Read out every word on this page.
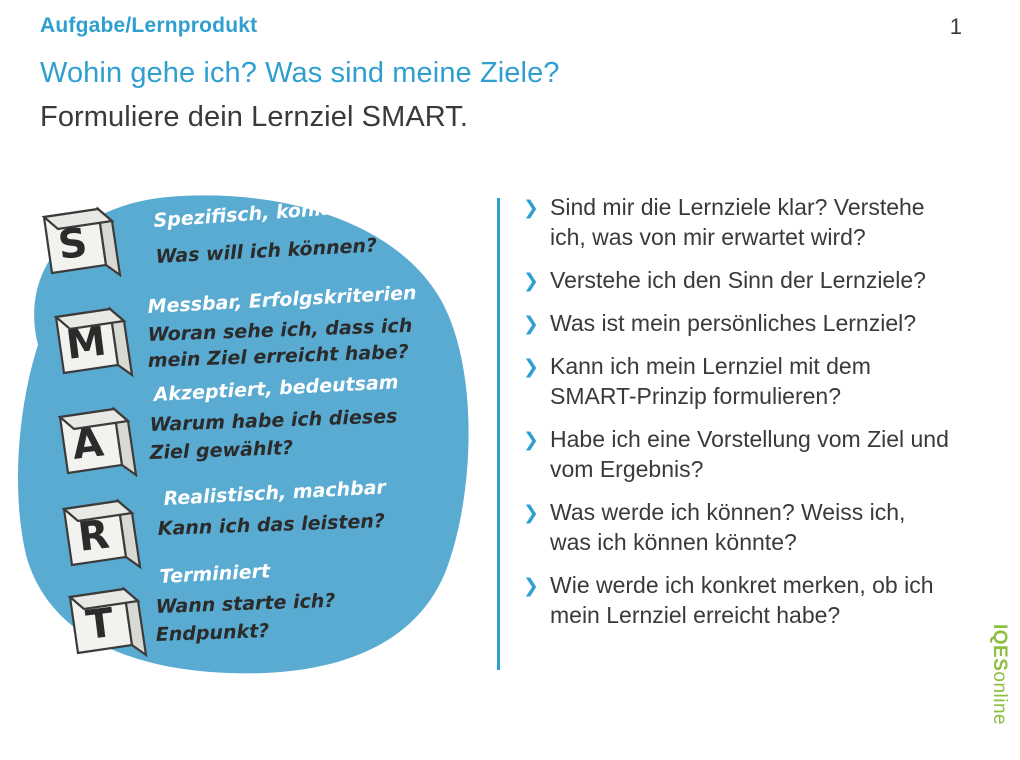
Aufgabe/Lernprodukt	1
Wohin gehe ich? Was sind meine Ziele?
Formuliere dein Lernziel SMART.
S
Spezifisch, konkret, klar
Was will ich können?
M
Messbar, Erfolgskriterien
Woran sehe ich, dass ich
mein Ziel erreicht habe?
A
Akzeptiert, bedeutsam
Warum habe ich dieses
Ziel gewählt?
R
Realistisch, machbar
Kann ich das leisten?
T
Terminiert
Wann starte ich?
Endpunkt?
❯ Sind mir die Lernziele klar? Verstehe ich, was von mir erwartet wird?
❯ Verstehe ich den Sinn der Lernziele?
❯ Was ist mein persönliches Lernziel?
❯ Kann ich mein Lernziel mit dem SMART-Prinzip formulieren?
❯ Habe ich eine Vorstellung vom Ziel und vom Ergebnis?
❯ Was werde ich können? Weiss ich, was ich können könnte?
❯ Wie werde ich konkret merken, ob ich mein Lernziel erreicht habe?
IQESonline
